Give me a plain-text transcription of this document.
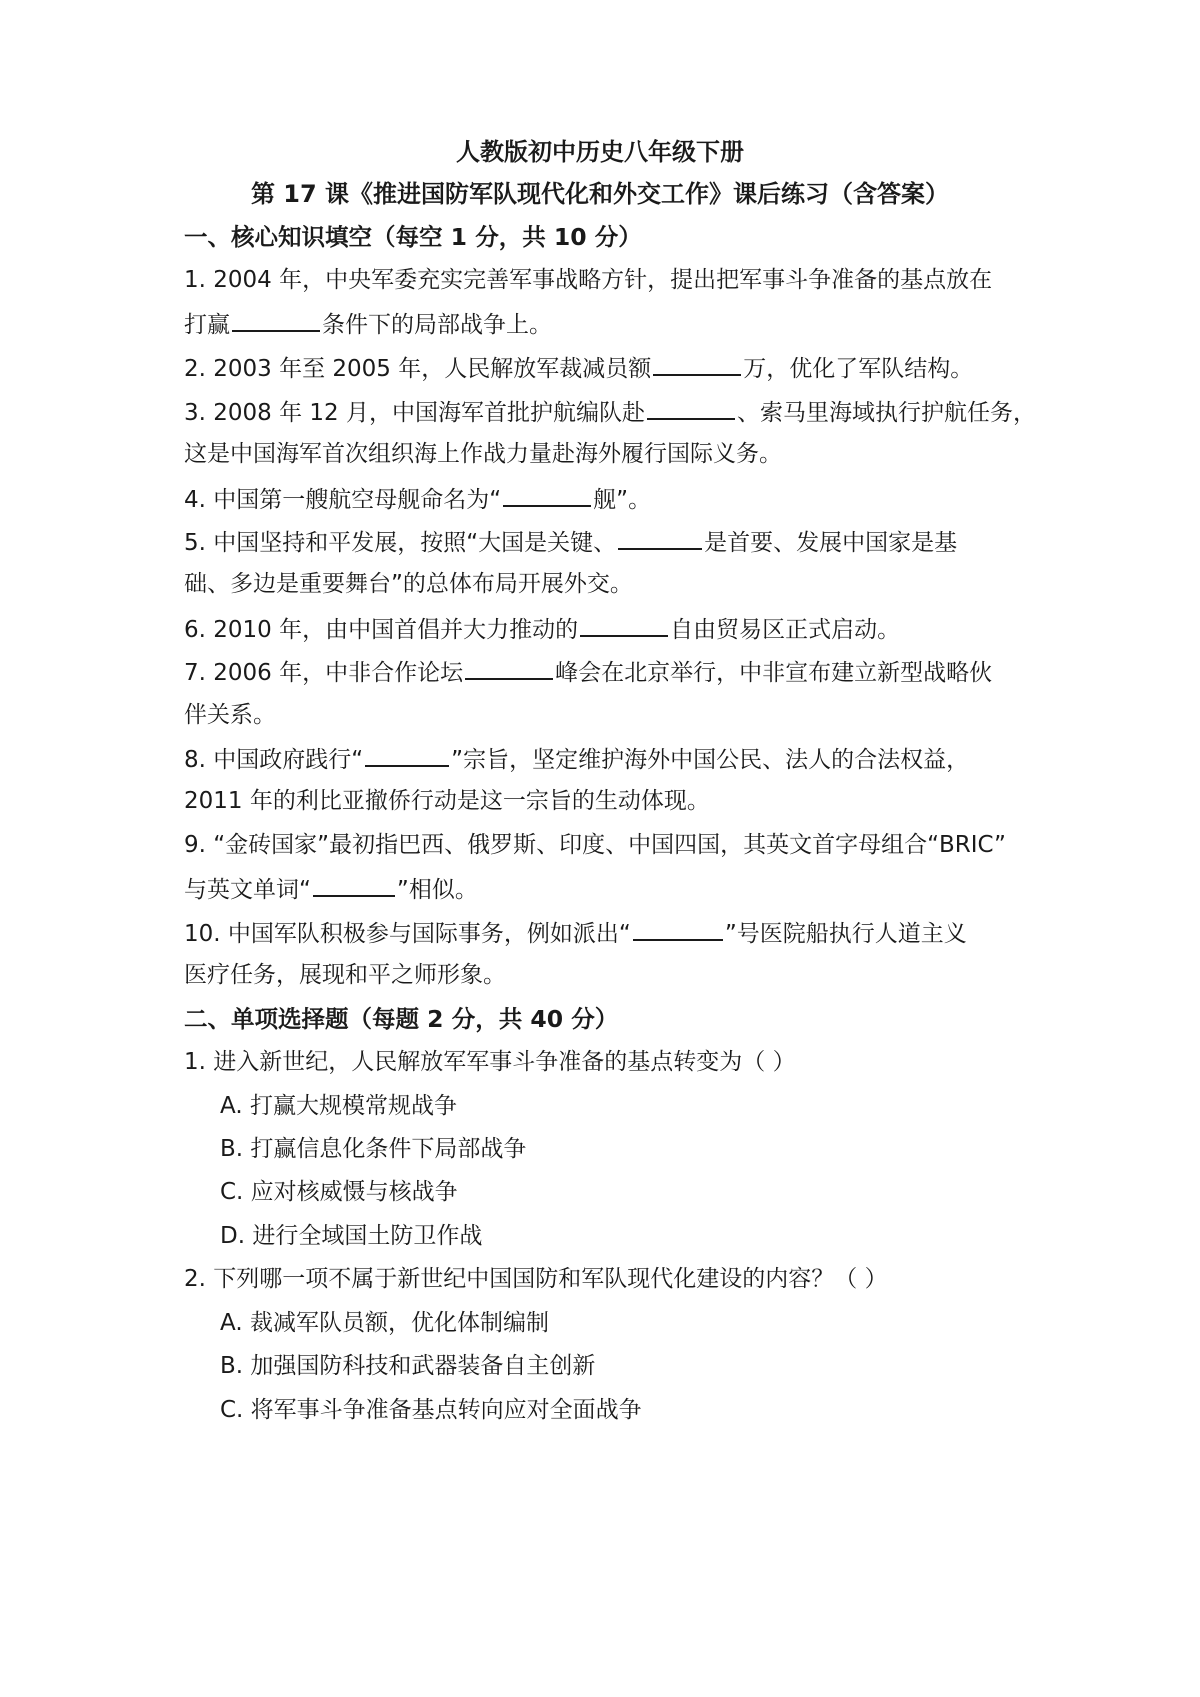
人教版初中历史八年级下册
第 17 课《推进国防军队现代化和外交工作》课后练习（含答案）
一、核心知识填空（每空 1 分，共 10 分）
1. 2004 年，中央军委充实完善军事战略方针，提出把军事斗争准备的基点放在
打赢	条件下的局部战争上。
2. 2003 年至 2005 年，人民解放军裁减员额	万，优化了军队结构。
3. 2008 年 12 月，中国海军首批护航编队赴	、索马里海域执行护航任务，
这是中国海军首次组织海上作战力量赴海外履行国际义务。
4. 中国第一艘航空母舰命名为“	舰”。
5. 中国坚持和平发展，按照“大国是关键、	是首要、发展中国家是基
础、多边是重要舞台”的总体布局开展外交。
6. 2010 年，由中国首倡并大力推动的	自由贸易区正式启动。
7. 2006 年，中非合作论坛	峰会在北京举行，中非宣布建立新型战略伙
伴关系。
8. 中国政府践行“	”宗旨，坚定维护海外中国公民、法人的合法权益，
2011 年的利比亚撤侨行动是这一宗旨的生动体现。
9. “金砖国家”最初指巴西、俄罗斯、印度、中国四国，其英文首字母组合“BRIC”
与英文单词“	”相似。
10. 中国军队积极参与国际事务，例如派出“	”号医院船执行人道主义
医疗任务，展现和平之师形象。
二、单项选择题（每题 2 分，共 40 分）
1. 进入新世纪，人民解放军军事斗争准备的基点转变为（ ）
A. 打赢大规模常规战争
B. 打赢信息化条件下局部战争
C. 应对核威慑与核战争
D. 进行全域国土防卫作战
2. 下列哪一项不属于新世纪中国国防和军队现代化建设的内容？（ ）
A. 裁减军队员额，优化体制编制
B. 加强国防科技和武器装备自主创新
C. 将军事斗争准备基点转向应对全面战争
